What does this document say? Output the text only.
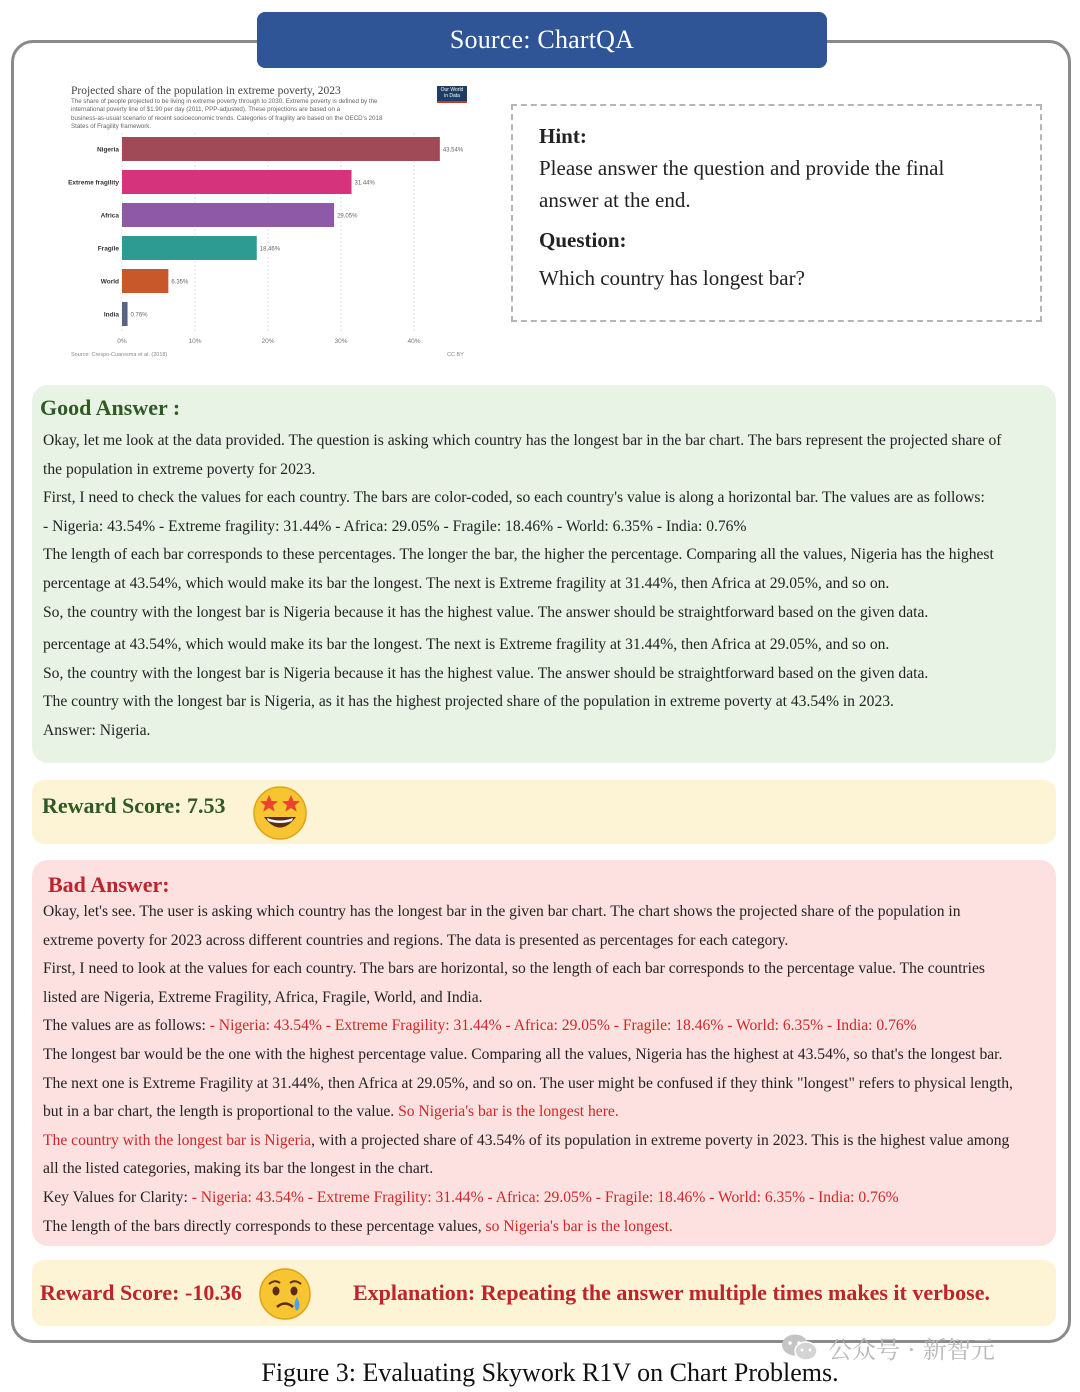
Source: ChartQA
0%	10%	20%	30%	40%
Nigeria	43.54%
Extreme fragility	31.44%
Africa	29.05%
Fragile	18.46%
World	6.35%
India 0.76%
Projected share of the population in extreme poverty, 2023
The share of people projected to be living in extreme poverty through to 2030. Extreme poverty is defined by the
international poverty line of $1.90 per day (2011, PPP-adjusted). These projections are based on a
business-as-usual scenario of recent socioeconomic trends. Categories of fragility are based on the OECD's 2018
States of Fragility framework.
Our World
in Data
Source: Crespo-Cuaresma et al. (2018)	CC BY
Hint:
Please answer the question and provide the final
answer at the end.
Question:
Which country has longest bar?
Good Answer :
Okay, let me look at the data provided. The question is asking which country has the longest bar in the bar chart. The bars represent the projected share of
the population in extreme poverty for 2023.
First, I need to check the values for each country. The bars are color-coded, so each country's value is along a horizontal bar. The values are as follows:
- Nigeria: 43.54% - Extreme fragility: 31.44% - Africa: 29.05% - Fragile: 18.46% - World: 6.35% - India: 0.76%
The length of each bar corresponds to these percentages. The longer the bar, the higher the percentage. Comparing all the values, Nigeria has the highest
percentage at 43.54%, which would make its bar the longest. The next is Extreme fragility at 31.44%, then Africa at 29.05%, and so on.
So, the country with the longest bar is Nigeria because it has the highest value. The answer should be straightforward based on the given data.
percentage at 43.54%, which would make its bar the longest. The next is Extreme fragility at 31.44%, then Africa at 29.05%, and so on.
So, the country with the longest bar is Nigeria because it has the highest value. The answer should be straightforward based on the given data.
The country with the longest bar is Nigeria, as it has the highest projected share of the population in extreme poverty at 43.54% in 2023.
Answer: Nigeria.
Reward Score: 7.53
Bad Answer:
Okay, let's see. The user is asking which country has the longest bar in the given bar chart. The chart shows the projected share of the population in
extreme poverty for 2023 across different countries and regions. The data is presented as percentages for each category.
First, I need to look at the values for each country. The bars are horizontal, so the length of each bar corresponds to the percentage value. The countries
listed are Nigeria, Extreme Fragility, Africa, Fragile, World, and India.
The values are as follows: - Nigeria: 43.54% - Extreme Fragility: 31.44% - Africa: 29.05% - Fragile: 18.46% - World: 6.35% - India: 0.76%
The longest bar would be the one with the highest percentage value. Comparing all the values, Nigeria has the highest at 43.54%, so that's the longest bar.
The next one is Extreme Fragility at 31.44%, then Africa at 29.05%, and so on. The user might be confused if they think "longest" refers to physical length,
but in a bar chart, the length is proportional to the value. So Nigeria's bar is the longest here.
The country with the longest bar is Nigeria, with a projected share of 43.54% of its population in extreme poverty in 2023. This is the highest value among
all the listed categories, making its bar the longest in the chart.
Key Values for Clarity: - Nigeria: 43.54% - Extreme Fragility: 31.44% - Africa: 29.05% - Fragile: 18.46% - World: 6.35% - India: 0.76%
The length of the bars directly corresponds to these percentage values, so Nigeria's bar is the longest.
Reward Score: -10.36	Explanation: Repeating the answer multiple times makes it verbose.
公众号 · 新智元
Figure 3: Evaluating Skywork R1V on Chart Problems.
